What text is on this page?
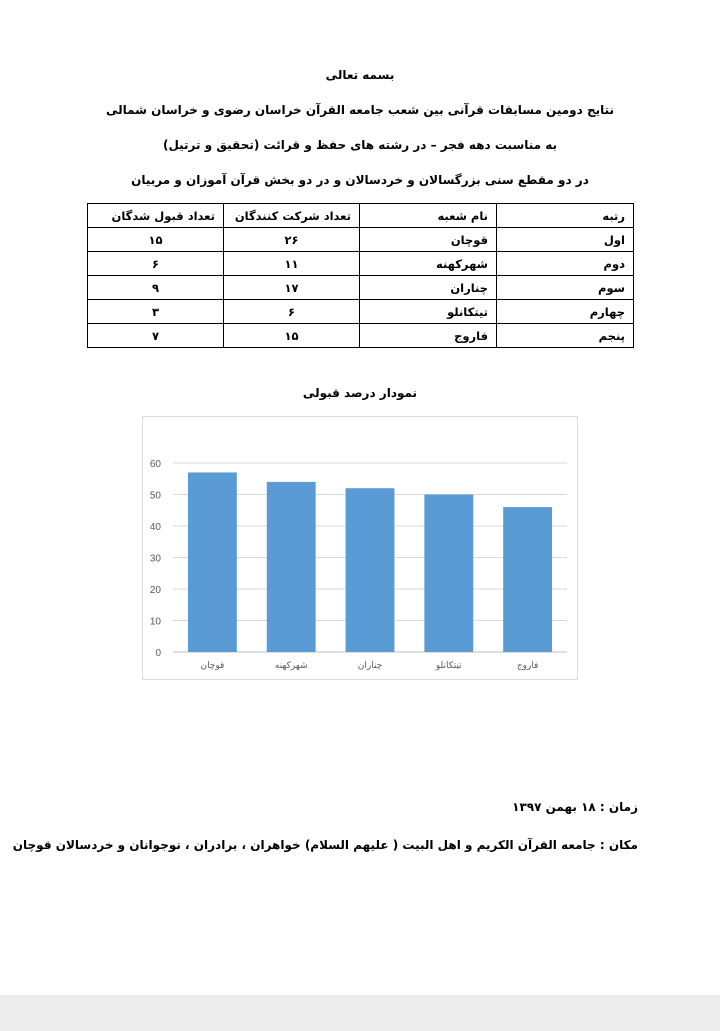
بسمه تعالی
نتایج دومین مسابقات قرآنی بین شعب جامعه القرآن خراسان رضوی و خراسان شمالی
به مناسبت دهه فجر – در رشته های حفظ و قرائت (تحقیق و ترتیل)
در دو مقطع سنی بزرگسالان و خردسالان و در دو بخش قرآن آموزان و مربیان
رتبه	نام شعبه	تعداد شرکت کنندگان	تعداد قبول شدگان
اول	قوچان	۲۶	۱۵
دوم	شهرکهنه	۱۱	۶
سوم	چناران	۱۷	۹
چهارم	تیتکانلو	۶	۳
پنجم	فاروج	۱۵	۷
نمودار درصد قبولی
0
10
20
30
40
50
60
قوچان	شهرکهنه	چناران	تیتکانلو	فاروج
زمان : ۱۸ بهمن ۱۳۹۷
مکان : جامعه القرآن الکریم و اهل البیت ( علیهم السلام) خواهران ، برادران ، نوجوانان و خردسالان قوچان
